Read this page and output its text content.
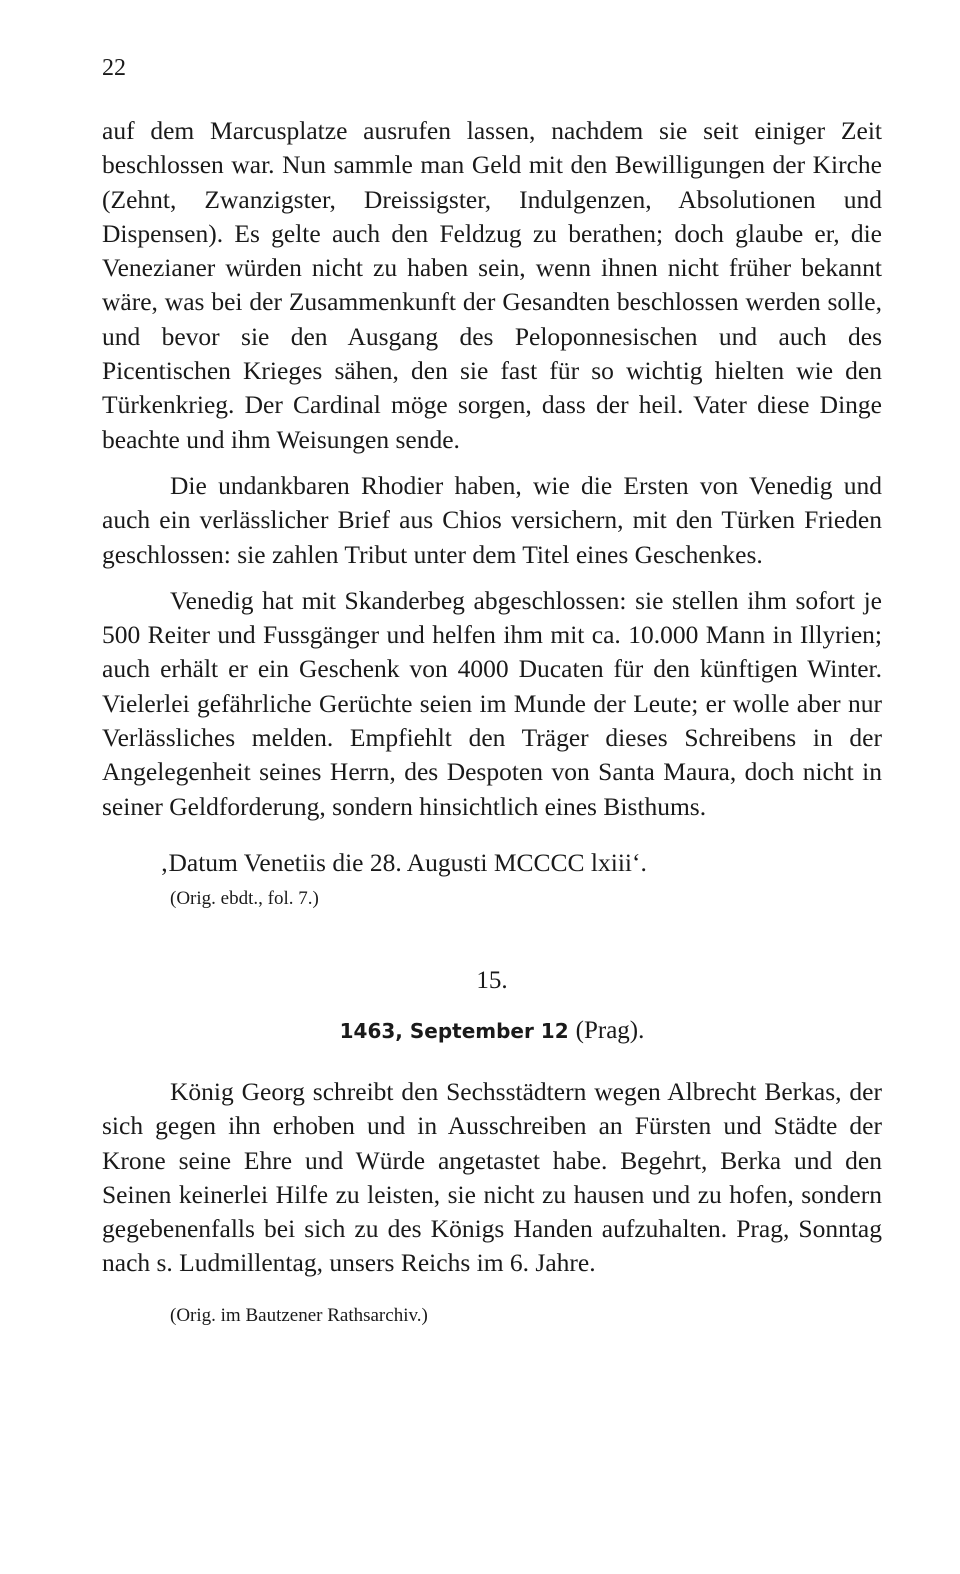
22

auf dem Marcusplatze ausrufen lassen, nachdem sie seit einiger Zeit beschlossen war. Nun sammle man Geld mit den Bewilligungen der Kirche (Zehnt, Zwanzigster, Dreissigster, Indulgenzen, Absolutionen und Dispensen). Es gelte auch den Feldzug zu berathen; doch glaube er, die Venezianer würden nicht zu haben sein, wenn ihnen nicht früher bekannt wäre, was bei der Zusammenkunft der Gesandten beschlossen werden solle, und bevor sie den Ausgang des Peloponnesischen und auch des Picentischen Krieges sähen, den sie fast für so wichtig hielten wie den Türkenkrieg. Der Cardinal möge sorgen, dass der heil. Vater diese Dinge beachte und ihm Weisungen sende.

Die undankbaren Rhodier haben, wie die Ersten von Venedig und auch ein verlässlicher Brief aus Chios versichern, mit den Türken Frieden geschlossen: sie zahlen Tribut unter dem Titel eines Geschenkes.

Venedig hat mit Skanderbeg abgeschlossen: sie stellen ihm sofort je 500 Reiter und Fussgänger und helfen ihm mit ca. 10.000 Mann in Illyrien; auch erhält er ein Geschenk von 4000 Ducaten für den künftigen Winter. Vielerlei gefährliche Gerüchte seien im Munde der Leute; er wolle aber nur Verlässliches melden. Empfiehlt den Träger dieses Schreibens in der Angelegenheit seines Herrn, des Despoten von Santa Maura, doch nicht in seiner Geldforderung, sondern hinsichtlich eines Bisthums.

‚Datum Venetiis die 28. Augusti MCCCC lxiii‘.
(Orig. ebdt., fol. 7.)
15.
1463, September 12 (Prag).

König Georg schreibt den Sechsstädtern wegen Albrecht Berkas, der sich gegen ihn erhoben und in Ausschreiben an Fürsten und Städte der Krone seine Ehre und Würde angetastet habe. Begehrt, Berka und den Seinen keinerlei Hilfe zu leisten, sie nicht zu hausen und zu hofen, sondern gegebenenfalls bei sich zu des Königs Handen aufzuhalten. Prag, Sonntag nach s. Ludmillentag, unsers Reichs im 6. Jahre.

(Orig. im Bautzener Rathsarchiv.)
